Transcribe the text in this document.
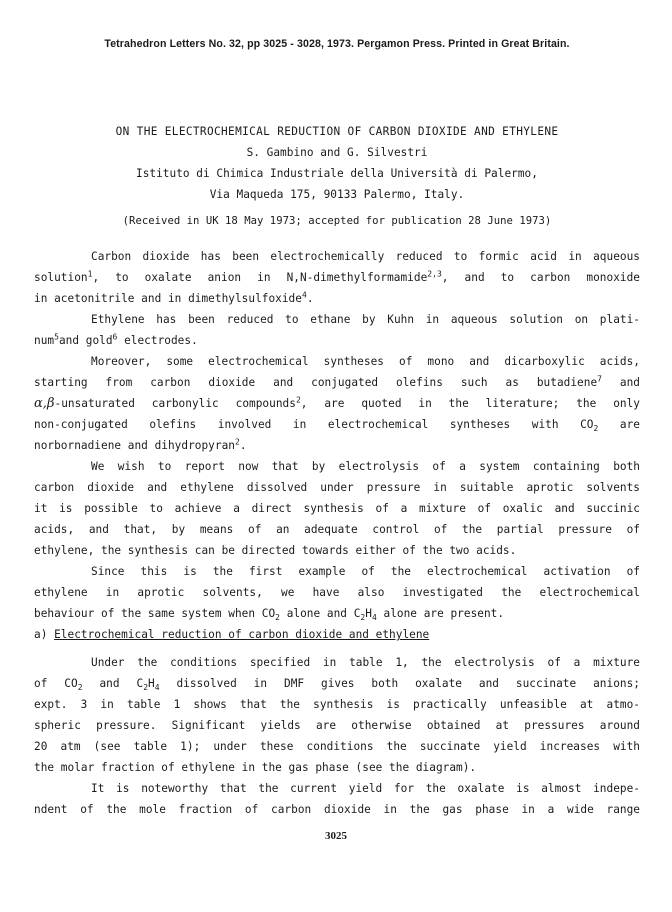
Tetrahedron Letters No. 32, pp 3025 - 3028, 1973. Pergamon Press. Printed in Great Britain.
ON THE ELECTROCHEMICAL REDUCTION OF CARBON DIOXIDE AND ETHYLENE
S. Gambino and G. Silvestri
Istituto di Chimica Industriale della Università di Palermo,
Via Maqueda 175, 90133 Palermo, Italy.
(Received in UK 18 May 1973; accepted for publication 28 June 1973)
Carbon dioxide has been electrochemically reduced to formic acid in aqueous
solution$^1$, to oxalate anion in N,N-dimethylformamide$^{2,3}$, and to carbon monoxide
in acetonitrile and in dimethylsulfoxide$^4$.
Ethylene has been reduced to ethane by Kuhn in aqueous solution on plati-
num$^5$and gold$^6$ electrodes.
Moreover, some electrochemical syntheses of mono and dicarboxylic acids,
starting from carbon dioxide and conjugated olefins such as butadiene$^7$ and
α,β-unsaturated carbonylic compounds$^2$, are quoted in the literature; the only
non-conjugated olefins involved in electrochemical syntheses with $CO_2$ are
norbornadiene and dihydropyran$^2$.
We wish to report now that by electrolysis of a system containing both
carbon dioxide and ethylene dissolved under pressure in suitable aprotic solvents
it is possible to achieve a direct synthesis of a mixture of oxalic and succinic
acids, and that, by means of an adequate control of the partial pressure of
ethylene, the synthesis can be directed towards either of the two acids.
Since this is the first example of the electrochemical activation of
ethylene in aprotic solvents, we have also investigated the electrochemical
behaviour of the same system when $CO_2$ alone and $C_2H_4$ alone are present.
a) Electrochemical reduction of carbon dioxide and ethylene
Under the conditions specified in table 1, the electrolysis of a mixture
of $CO_2$ and $C_2H_4$ dissolved in DMF gives both oxalate and succinate anions;
expt. 3 in table 1 shows that the synthesis is practically unfeasible at atmo-
spheric pressure. Significant yields are otherwise obtained at pressures around
20 atm (see table 1); under these conditions the succinate yield increases with
the molar fraction of ethylene in the gas phase (see the diagram).
It is noteworthy that the current yield for the oxalate is almost indepe-
ndent of the mole fraction of carbon dioxide in the gas phase in a wide range
3025
